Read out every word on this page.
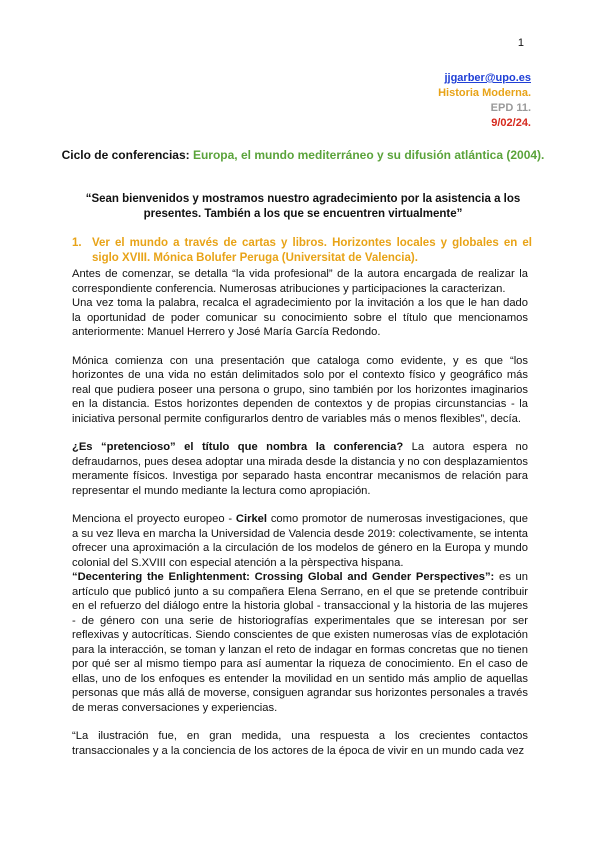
1
jjgarber@upo.es
Historia Moderna.
EPD 11.
9/02/24.
Ciclo de conferencias: Europa, el mundo mediterráneo y su difusión atlántica (2004).
“Sean bienvenidos y mostramos nuestro agradecimiento por la asistencia a los presentes. También a los que se encuentren virtualmente”
1. Ver el mundo a través de cartas y libros. Horizontes locales y globales en el siglo XVIII. Mónica Bolufer Peruga (Universitat de Valencia).

Antes de comenzar, se detalla “la vida profesional” de la autora encargada de realizar la correspondiente conferencia. Numerosas atribuciones y participaciones la caracterizan.

Una vez toma la palabra, recalca el agradecimiento por la invitación a los que le han dado la oportunidad de poder comunicar su conocimiento sobre el título que mencionamos anteriormente: Manuel Herrero y José María García Redondo.

Mónica comienza con una presentación que cataloga como evidente, y es que “los horizontes de una vida no están delimitados solo por el contexto físico y geográfico más real que pudiera poseer una persona o grupo, sino también por los horizontes imaginarios en la distancia. Estos horizontes dependen de contextos y de propias circunstancias - la iniciativa personal permite configurarlos dentro de variables más o menos flexibles”, decía.

¿Es “pretencioso” el título que nombra la conferencia? La autora espera no defraudarnos, pues desea adoptar una mirada desde la distancia y no con desplazamientos meramente físicos. Investiga por separado hasta encontrar mecanismos de relación para representar el mundo mediante la lectura como apropiación.

Menciona el proyecto europeo - Cirkel como promotor de numerosas investigaciones, que a su vez lleva en marcha la Universidad de Valencia desde 2019: colectivamente, se intenta ofrecer una aproximación a la circulación de los modelos de género en la Europa y mundo colonial del S.XVIII con especial atención a la pèrspectiva hispana.

“Decentering the Enlightenment: Crossing Global and Gender Perspectives”: es un artículo que publicó junto a su compañera Elena Serrano, en el que se pretende contribuir en el refuerzo del diálogo entre la historia global - transaccional y la historia de las mujeres - de género con una serie de historiografías experimentales que se interesan por ser reflexivas y autocríticas. Siendo conscientes de que existen numerosas vías de explotación para la interacción, se toman y lanzan el reto de indagar en formas concretas que no tienen por qué ser al mismo tiempo para así aumentar la riqueza de conocimiento. En el caso de ellas, uno de los enfoques es entender la movilidad en un sentido más amplio de aquellas personas que más allá de moverse, consiguen agrandar sus horizontes personales a través de meras conversaciones y experiencias.

“La ilustración fue, en gran medida, una respuesta a los crecientes contactos transaccionales y a la conciencia de los actores de la época de vivir en un mundo cada vez
